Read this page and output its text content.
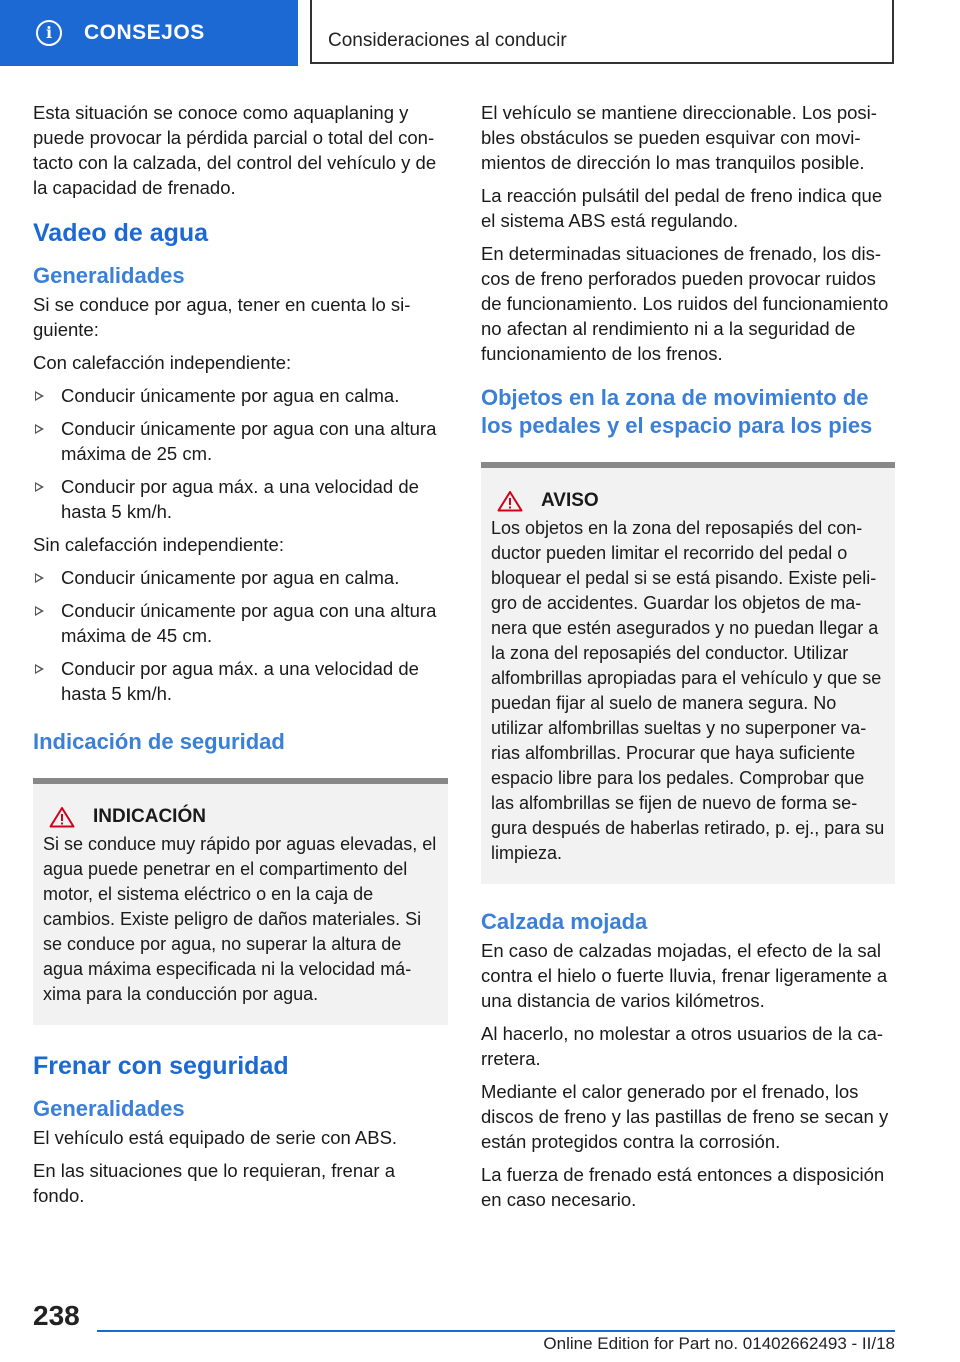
i	CONSEJOS	Consideraciones al conducir

Esta situación se conoce como aquaplaning y puede provocar la pérdida parcial o total del contacto con la calzada, del control del vehículo y de la capacidad de frenado.

Vadeo de agua
Generalidades

Si se conduce por agua, tener en cuenta lo siguiente:

Con calefacción independiente:

Conducir únicamente por agua en calma.
Conducir únicamente por agua con una altura máxima de 25 cm.
Conducir por agua máx. a una velocidad de hasta 5 km/h.

Sin calefacción independiente:

Conducir únicamente por agua en calma.
Conducir únicamente por agua con una altura máxima de 45 cm.
Conducir por agua máx. a una velocidad de hasta 5 km/h.
Indicación de seguridad
INDICACIÓN

Si se conduce muy rápido por aguas elevadas, el agua puede penetrar en el compartimento del motor, el sistema eléctrico o en la caja de cambios. Existe peligro de daños materiales. Si se conduce por agua, no superar la altura de agua máxima especificada ni la velocidad máxima para la conducción por agua.

Frenar con seguridad
Generalidades

El vehículo está equipado de serie con ABS.

En las situaciones que lo requieran, frenar a fondo.

El vehículo se mantiene direccionable. Los posibles obstáculos se pueden esquivar con movimientos de dirección lo mas tranquilos posible.

La reacción pulsátil del pedal de freno indica que el sistema ABS está regulando.

En determinadas situaciones de frenado, los discos de freno perforados pueden provocar ruidos de funcionamiento. Los ruidos del funcionamiento no afectan al rendimiento ni a la seguridad de funcionamiento de los frenos.

Objetos en la zona de movimiento de los pedales y el espacio para los pies
AVISO

Los objetos en la zona del reposapiés del conductor pueden limitar el recorrido del pedal o bloquear el pedal si se está pisando. Existe peligro de accidentes. Guardar los objetos de manera que estén asegurados y no puedan llegar a la zona del reposapiés del conductor. Utilizar alfombrillas apropiadas para el vehículo y que se puedan fijar al suelo de manera segura. No utilizar alfombrillas sueltas y no superponer varias alfombrillas. Procurar que haya suficiente espacio libre para los pedales. Comprobar que las alfombrillas se fijen de nuevo de forma segura después de haberlas retirado, p. ej., para su limpieza.

Calzada mojada

En caso de calzadas mojadas, el efecto de la sal contra el hielo o fuerte lluvia, frenar ligeramente a una distancia de varios kilómetros.

Al hacerlo, no molestar a otros usuarios de la carretera.

Mediante el calor generado por el frenado, los discos de freno y las pastillas de freno se secan y están protegidos contra la corrosión.

La fuerza de frenado está entonces a disposición en caso necesario.

238
Online Edition for Part no. 01402662493 - II/18
